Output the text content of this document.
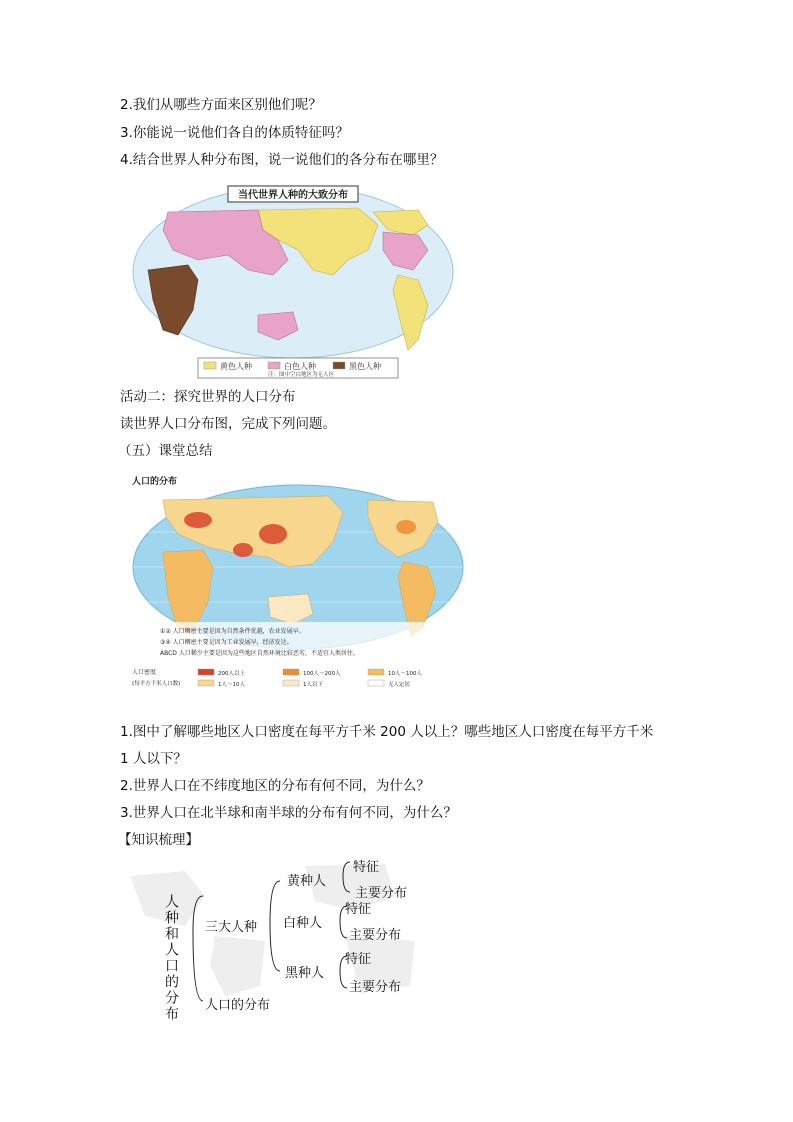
2.我们从哪些方面来区别他们呢？
3.你能说一说他们各自的体质特征吗？
4.结合世界人种分布图，说一说他们的各分布在哪里？
当代世界人种的大致分布
黄色人种	白色人种	黑色人种
注：图中空白地区为无人区
活动二：探究世界的人口分布
读世界人口分布图，完成下列问题。
（五）课堂总结
人口的分布
①② 人口稠密主要是因为自然条件优越，农业发展早。
③④ 人口稠密主要是因为工业发展早，经济发达。
ABCD 人口稀少主要是因为这些地区自然环境比较恶劣，不适宜人类居住。
人口密度
(每平方千米人口数)
200人以上	100人～200人	10人～100人
1人～10人	1人以下	无人定居
1.图中了解哪些地区人口密度在每平方千米 200 人以上？哪些地区人口密度在每平方千米
1 人以下？
2.世界人口在不纬度地区的分布有何不同，为什么？
3.世界人口在北半球和南半球的分布有何不同，为什么？
【知识梳理】
人种和人口的分布 三大人种
人口的分布
黄种人
白种人
黑种人
特征
主要分布
特征
主要分布
特征
主要分布
